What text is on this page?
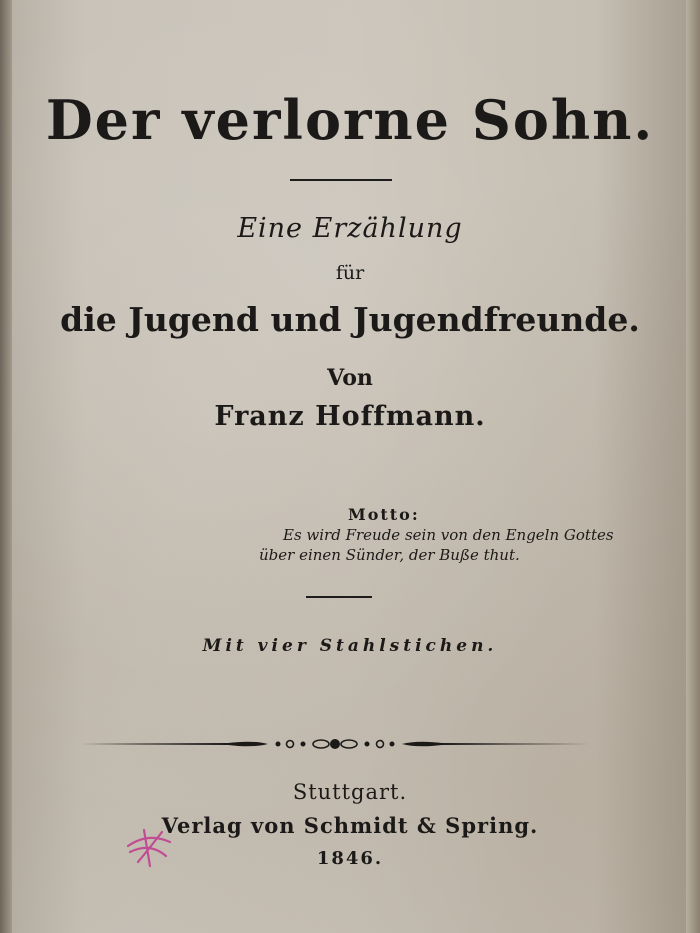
Der verlorne Sohn.
Eine Erzählung
für
die Jugend und Jugendfreunde.
Von
Franz Hoffmann.
Motto:
Es wird Freude sein von den Engeln Gottes
über einen Sünder, der Buße thut.
Mit vier Stahlstichen.
Stuttgart.
Verlag von Schmidt & Spring.
1846.
